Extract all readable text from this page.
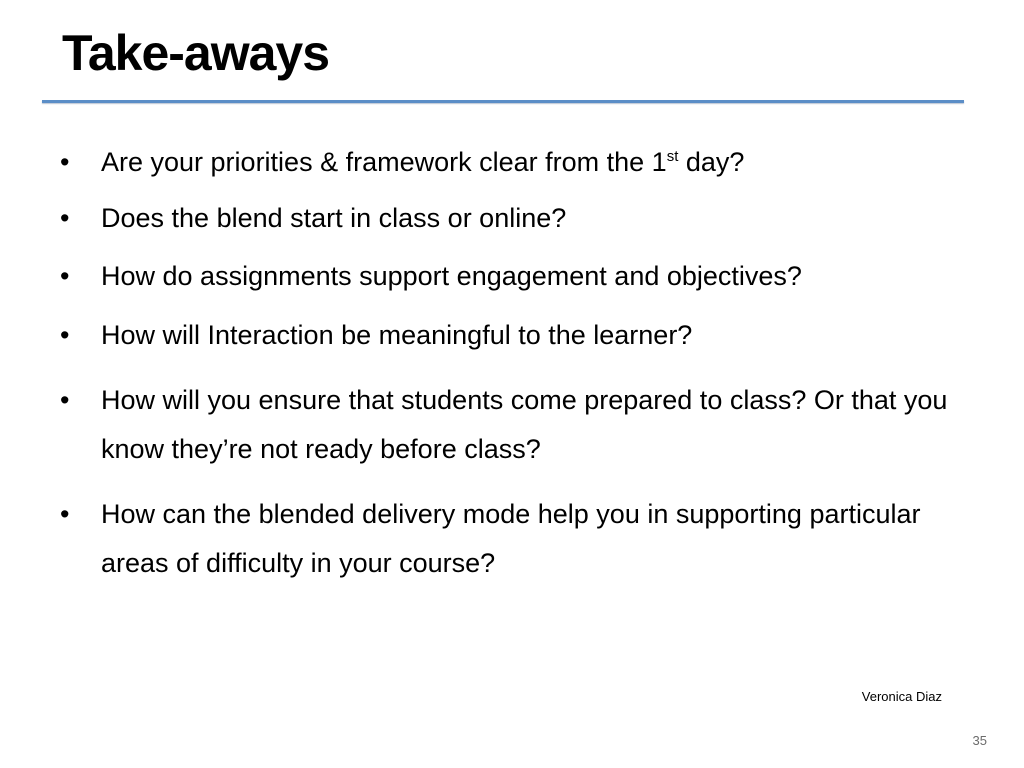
Take-aways
•	Are your priorities & framework clear from the 1st day?
•	Does the blend start in class or online?
•	How do assignments support engagement and objectives?
•	How will Interaction be meaningful to the learner?
•	How will you ensure that students come prepared to class? Or that you know they’re not ready before class?
•	How can the blended delivery mode help you in supporting particular areas of difficulty in your course?
Veronica Diaz
35
